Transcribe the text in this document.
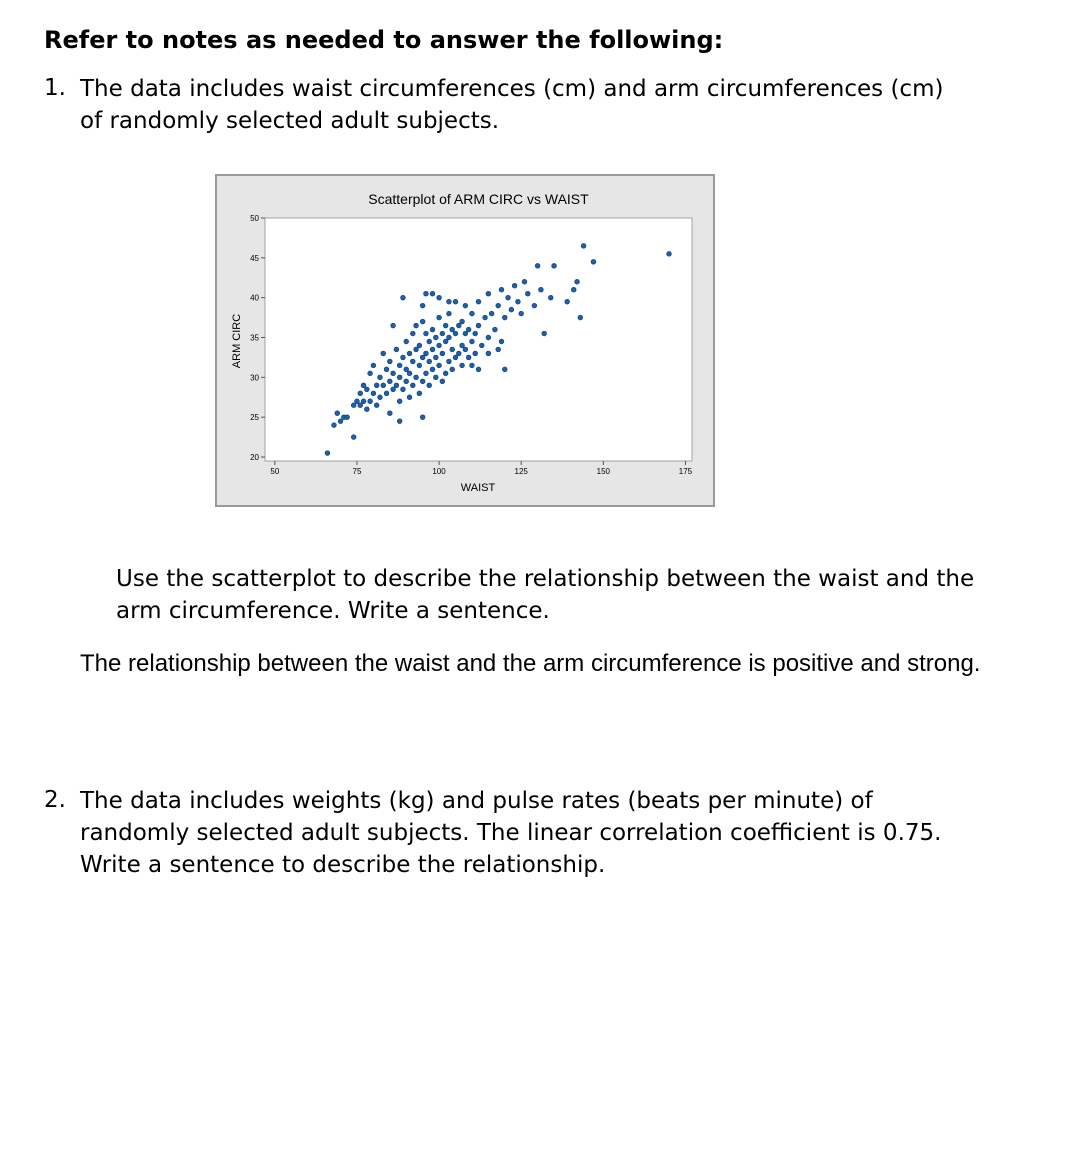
Refer to notes as needed to answer the following:
1. The data includes waist circumferences (cm) and arm circumferences (cm) of randomly selected adult subjects.
Scatterplot of ARM CIRC vs WAIST
20
25
30
35
40
45
50
50	75	100	125	150	175
WAIST
ARM CIRC
Use the scatterplot to describe the relationship between the waist and the arm circumference. Write a sentence.
The relationship between the waist and the arm circumference is positive and strong.
2. The data includes weights (kg) and pulse rates (beats per minute) of randomly selected adult subjects. The linear correlation coefficient is 0.75. Write a sentence to describe the relationship.
